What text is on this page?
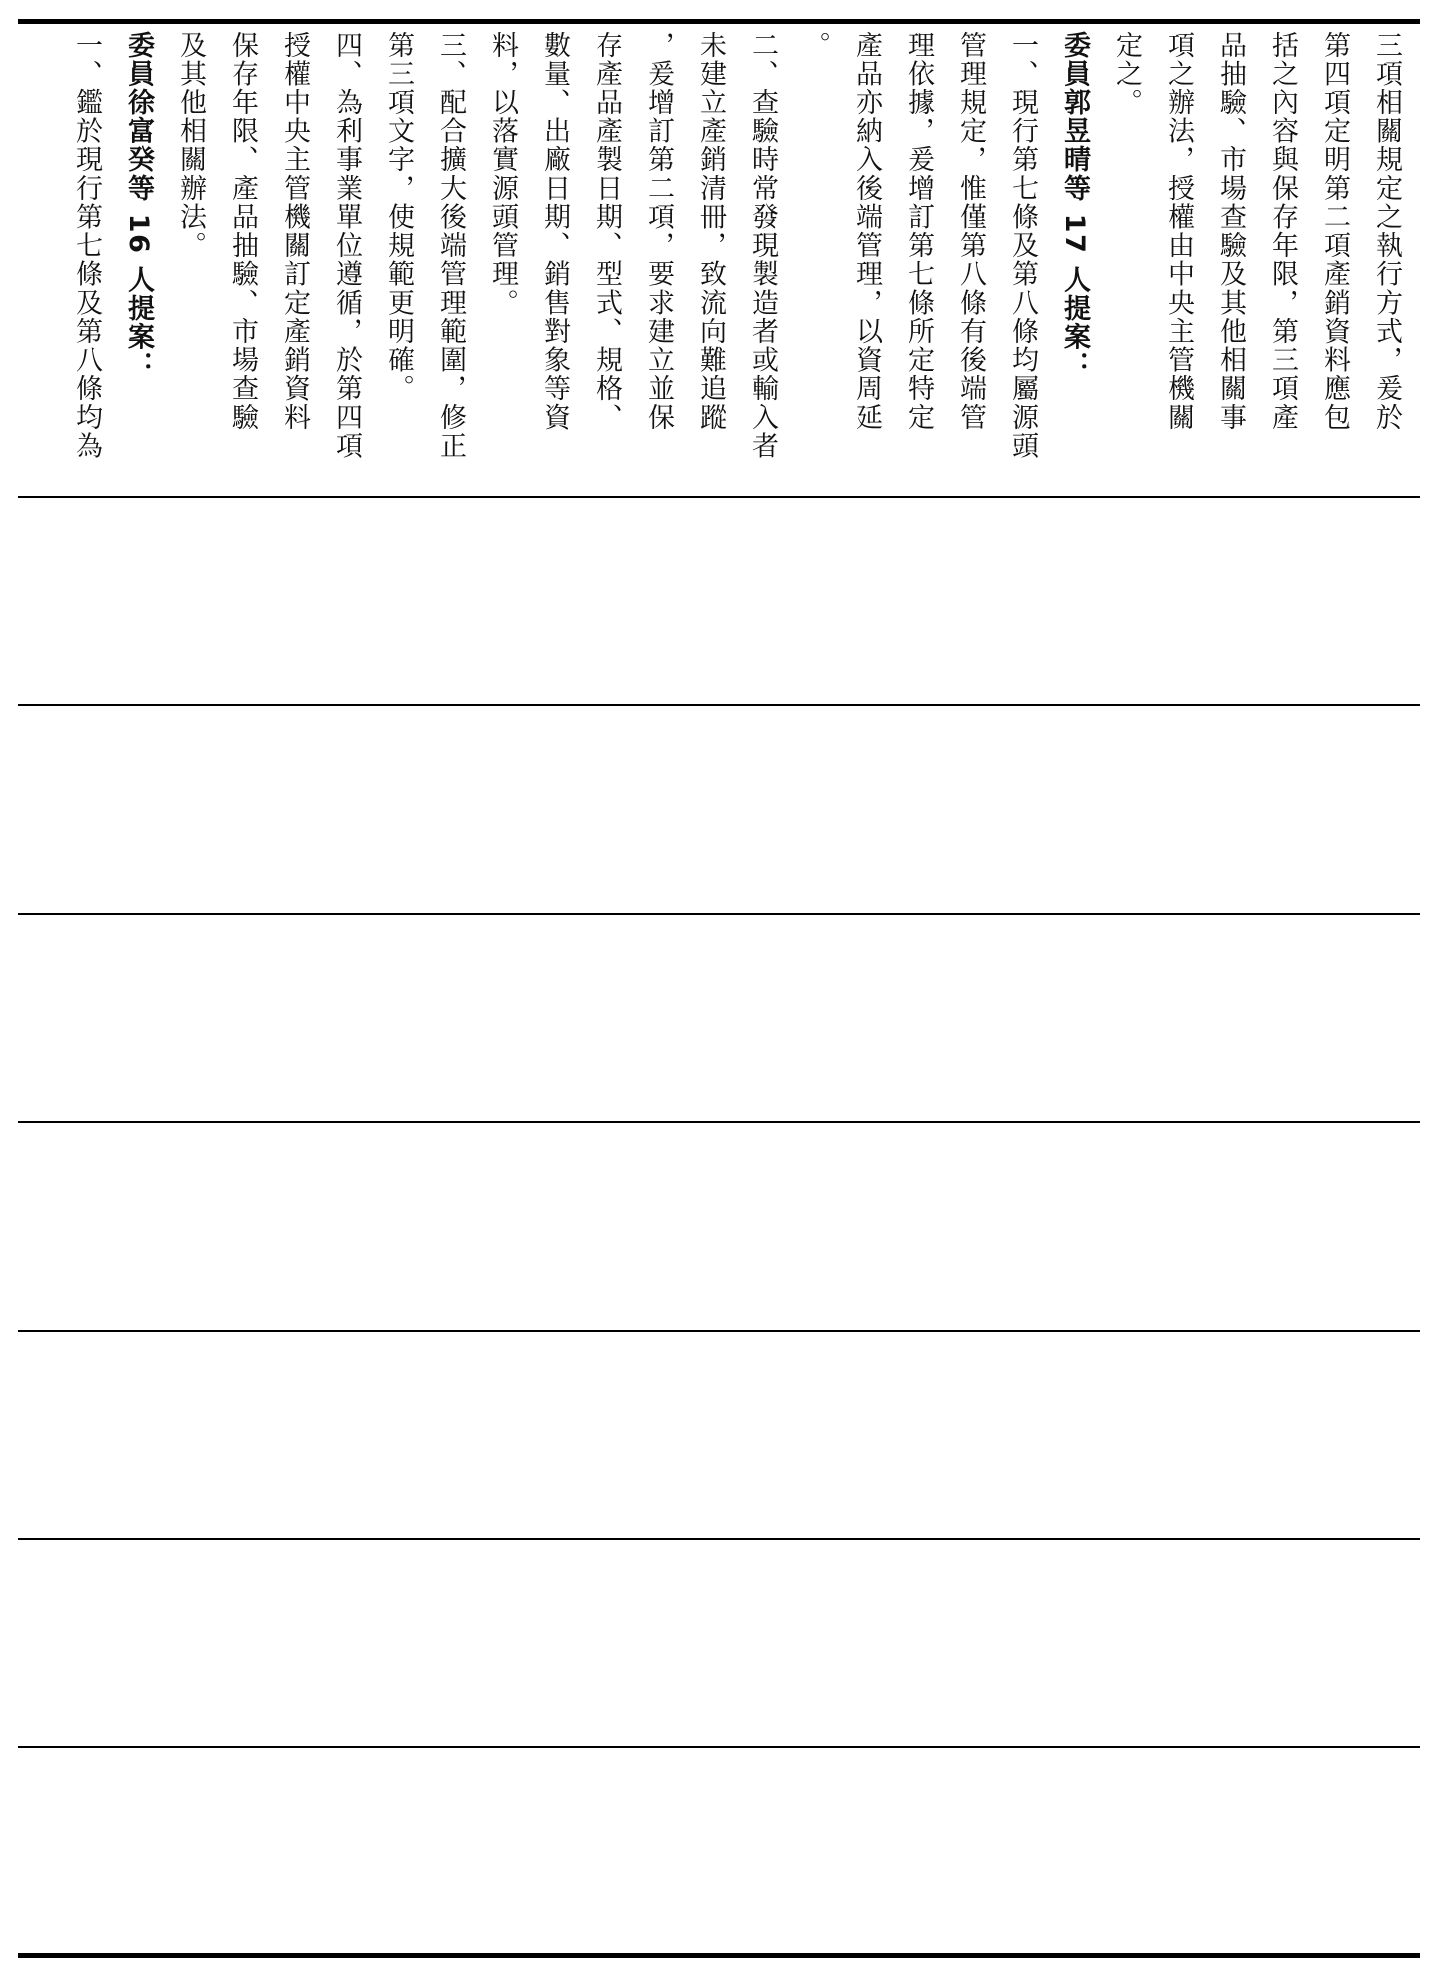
三項相關規定之執行方式，爰於
第四項定明第二項產銷資料應包
括之內容與保存年限，第三項產
品抽驗、市場查驗及其他相關事
項之辦法，授權由中央主管機關
定之。
委員郭昱晴等 17 人提案：
一、現行第七條及第八條均屬源頭
管理規定，惟僅第八條有後端管
理依據，爰增訂第七條所定特定
產品亦納入後端管理，以資周延
。
二、查驗時常發現製造者或輸入者
未建立產銷清冊，致流向難追蹤
，爰增訂第二項，要求建立並保
存產品產製日期、型式、規格、
數量、出廠日期、銷售對象等資
料，以落實源頭管理。
三、配合擴大後端管理範圍，修正
第三項文字，使規範更明確。
四、為利事業單位遵循，於第四項
授權中央主管機關訂定產銷資料
保存年限、產品抽驗、市場查驗
及其他相關辦法。
委員徐富癸等 16 人提案：
一、鑑於現行第七條及第八條均為
